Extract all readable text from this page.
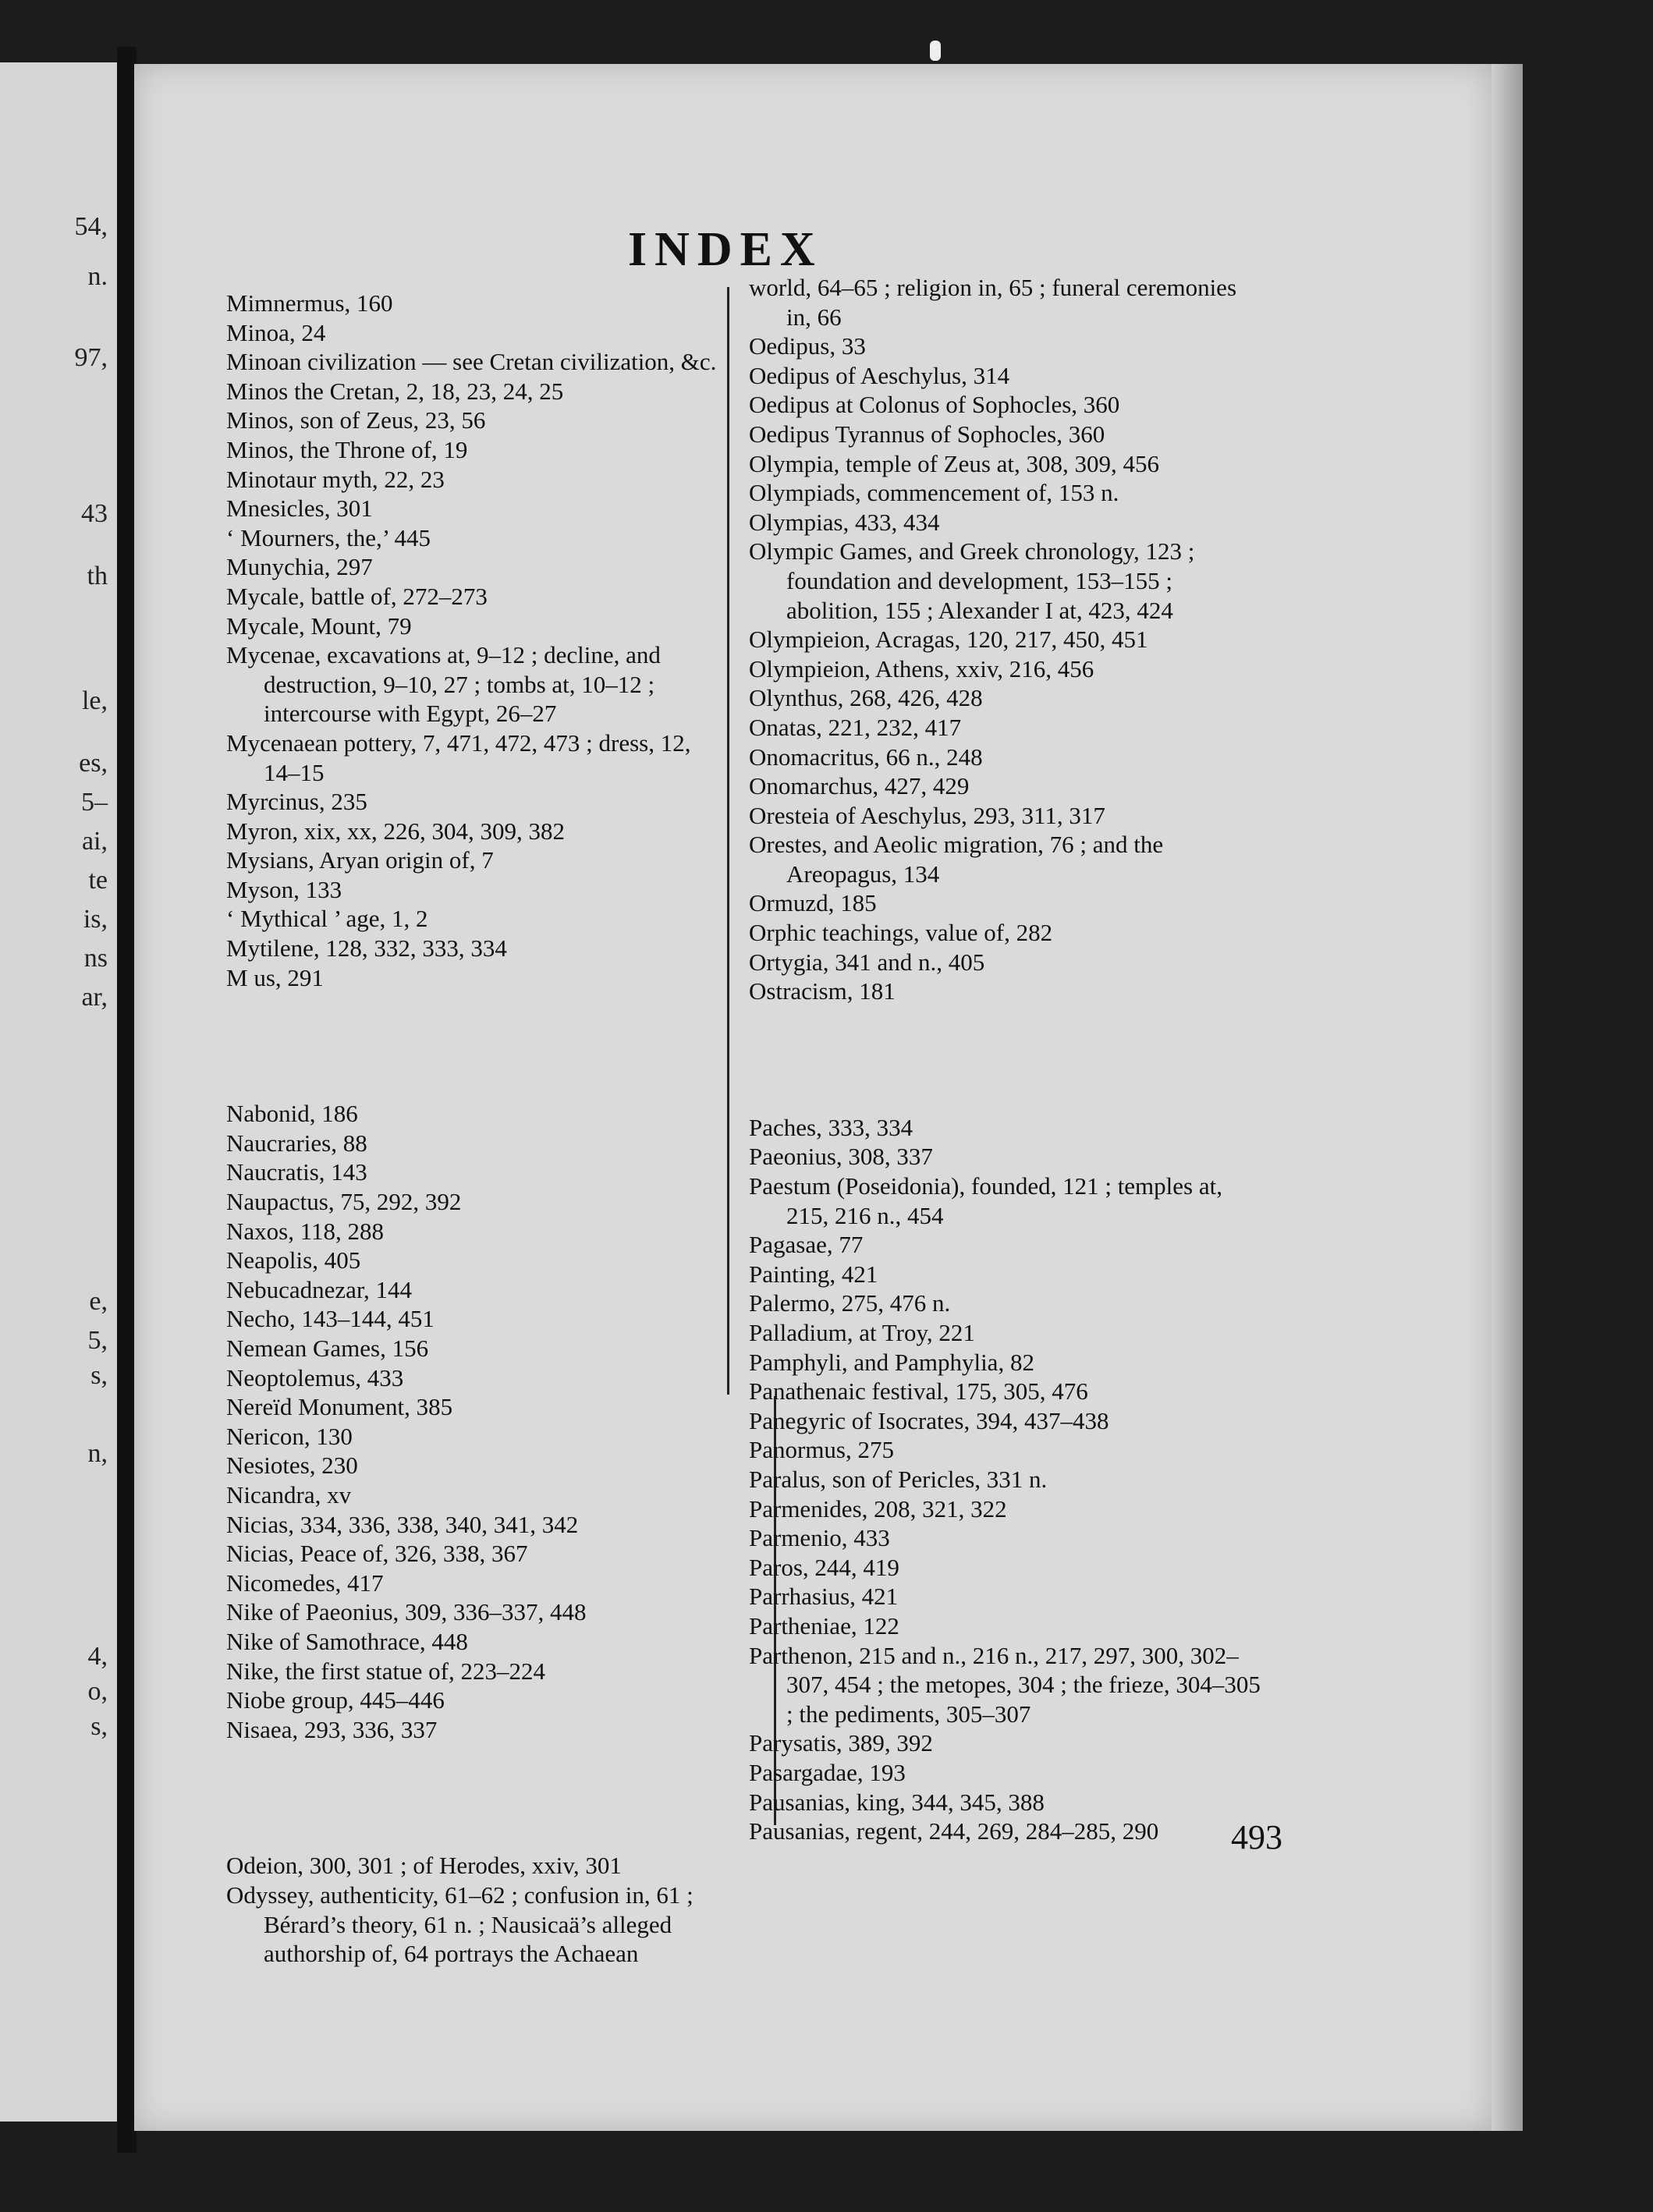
54,
n.
97,
43
th
le,
es,
5–
ai,
te
is,
ns
ar,
e,
5,
s,
n,
4,
o,
s,
INDEX

Mimnermus, 160

Minoa, 24

Minoan civilization — see Cretan civilization, &c.

Minos the Cretan, 2, 18, 23, 24, 25

Minos, son of Zeus, 23, 56

Minos, the Throne of, 19

Minotaur myth, 22, 23

Mnesicles, 301

‘ Mourners, the,’ 445

Munychia, 297

Mycale, battle of, 272–273

Mycale, Mount, 79

Mycenae, excavations at, 9–12 ; decline, and destruction, 9–10, 27 ; tombs at, 10–12 ; intercourse with Egypt, 26–27

Mycenaean pottery, 7, 471, 472, 473 ; dress, 12, 14–15

Myrcinus, 235

Myron, xix, xx, 226, 304, 309, 382

Mysians, Aryan origin of, 7

Myson, 133

‘ Mythical ’ age, 1, 2

Mytilene, 128, 332, 333, 334

M us, 291

Nabonid, 186

Naucraries, 88

Naucratis, 143

Naupactus, 75, 292, 392

Naxos, 118, 288

Neapolis, 405

Nebucadnezar, 144

Necho, 143–144, 451

Nemean Games, 156

Neoptolemus, 433

Nereïd Monument, 385

Nericon, 130

Nesiotes, 230

Nicandra, xv

Nicias, 334, 336, 338, 340, 341, 342

Nicias, Peace of, 326, 338, 367

Nicomedes, 417

Nike of Paeonius, 309, 336–337, 448

Nike of Samothrace, 448

Nike, the first statue of, 223–224

Niobe group, 445–446

Nisaea, 293, 336, 337

Odeion, 300, 301 ; of Herodes, xxiv, 301

Odyssey, authenticity, 61–62 ; confusion in, 61 ; Bérard’s theory, 61 n. ; Nausicaä’s alleged authorship of, 64 portrays the Achaean

world, 64–65 ; religion in, 65 ; funeral ceremonies in, 66

Oedipus, 33

Oedipus of Aeschylus, 314

Oedipus at Colonus of Sophocles, 360

Oedipus Tyrannus of Sophocles, 360

Olympia, temple of Zeus at, 308, 309, 456

Olympiads, commencement of, 153 n.

Olympias, 433, 434

Olympic Games, and Greek chronology, 123 ; foundation and development, 153–155 ; abolition, 155 ; Alexander I at, 423, 424

Olympieion, Acragas, 120, 217, 450, 451

Olympieion, Athens, xxiv, 216, 456

Olynthus, 268, 426, 428

Onatas, 221, 232, 417

Onomacritus, 66 n., 248

Onomarchus, 427, 429

Oresteia of Aeschylus, 293, 311, 317

Orestes, and Aeolic migration, 76 ; and the Areopagus, 134

Ormuzd, 185

Orphic teachings, value of, 282

Ortygia, 341 and n., 405

Ostracism, 181

Paches, 333, 334

Paeonius, 308, 337

Paestum (Poseidonia), founded, 121 ; temples at, 215, 216 n., 454

Pagasae, 77

Painting, 421

Palermo, 275, 476 n.

Palladium, at Troy, 221

Pamphyli, and Pamphylia, 82

Panathenaic festival, 175, 305, 476

Panegyric of Isocrates, 394, 437–438

Panormus, 275

Paralus, son of Pericles, 331 n.

Parmenides, 208, 321, 322

Parmenio, 433

Paros, 244, 419

Parrhasius, 421

Partheniae, 122

Parthenon, 215 and n., 216 n., 217, 297, 300, 302–307, 454 ; the metopes, 304 ; the frieze, 304–305 ; the pediments, 305–307

Parysatis, 389, 392

Pasargadae, 193

Pausanias, king, 344, 345, 388

Pausanias, regent, 244, 269, 284–285, 290	493
